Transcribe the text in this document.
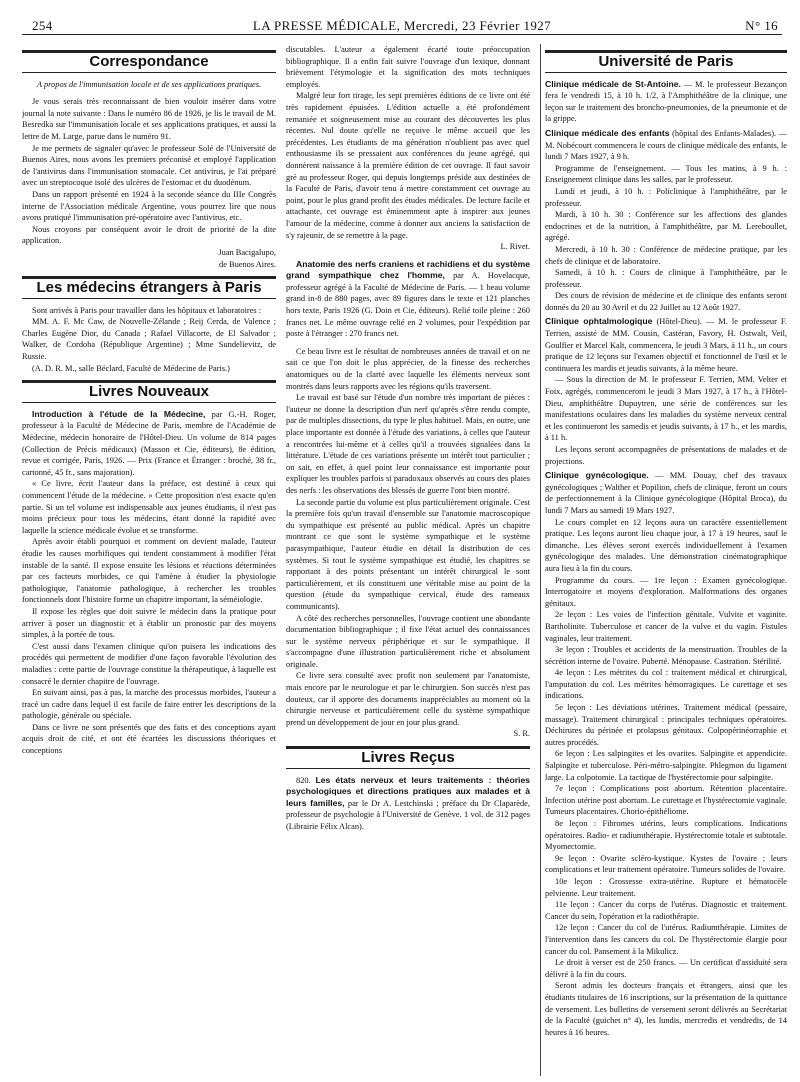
254	LA PRESSE MÉDICALE, Mercredi, 23 Février 1927	N° 16
Correspondance

A propos de l'immunisation locale et de ses applications pratiques.

Je vous serais très reconnaissant de bien vouloir insérer dans votre journal la note suivante : Dans le numéro 86 de 1926, je lis le travail de M. Besredka sur l'immunisation locale et ses applications pratiques, et aussi la lettre de M. Large, parue dans le numéro 91.

Je me permets de signaler qu'avec le professeur Solé de l'Université de Buenos Aires, nous avons les premiers préconisé et employé l'application de l'antivirus dans l'immunisation stomacale. Cet antivirus, je l'ai préparé avec un streptocoque isolé des ulcères de l'estomac et du duodénum.

Dans un rapport présenté en 1924 à la seconde séance du IIIe Congrès interne de l'Association médicale Argentine, vous pourrez lire que nous avons pratiqué l'immunisation pré-opératoire avec l'antivirus, etc.

Nous croyons par conséquent avoir le droit de priorité de la dite application.

Juan Bacigalupo,

de Buenos Aires.

Les médecins étrangers à Paris

Sont arrivés à Paris pour travailler dans les hôpitaux et laboratoires :

MM. A. F. Mc Caw, de Nouvelle-Zélande ; Reij Cerda, de Valence ; Charles Eugène Dior, du Canada ; Rafael Villacorte, de El Salvador ; Walker, de Cordoba (République Argentine) ; Mme Sundelievitz, de Russie.

(A. D. R. M., salle Béclard, Faculté de Médecine de Paris.)

Livres Nouveaux

Introduction à l'étude de la Médecine, par G.-H. Roger, professeur à la Faculté de Médecine de Paris, membre de l'Académie de Médecine, médecin honoraire de l'Hôtel-Dieu. Un volume de 814 pages (Collection de Précis médicaux) (Masson et Cie, éditeurs), 8e édition, revue et corrigée, Paris, 1926. — Prix (France et Étranger : broché, 38 fr., cartonné, 45 fr., sans majoration).

« Ce livre, écrit l'auteur dans la préface, est destiné à ceux qui commencent l'étude de la médecine. » Cette proposition n'est exacte qu'en partie. Si un tel volume est indispensable aux jeunes étudiants, il n'est pas moins précieux pour tous les médecins, étant donné la rapidité avec laquelle la science médicale évolue et se transforme.

Après avoir établi pourquoi et comment on devient malade, l'auteur étudie les causes morbifiques qui tendent constamment à modifier l'état instable de la santé. Il expose ensuite les lésions et réactions déterminées par ces facteurs morbides, ce qui l'amène à étudier la physiologie pathologique, l'anatomie pathologique, à rechercher les troubles fonctionnels dont l'histoire forme un chapitre important, la séméiologie.

Il expose les règles que doit suivre le médecin dans la pratique pour arriver à poser un diagnostic et à établir un pronostic par des moyens simples, à la portée de tous.

C'est aussi dans l'examen clinique qu'on puisera les indications des procédés qui permettent de modifier d'une façon favorable l'évolution des maladies : cette partie de l'ouvrage constitue la thérapeutique, à laquelle est consacré le dernier chapitre de l'ouvrage.

En suivant ainsi, pas à pas, la marche des processus morbides, l'auteur a tracé un cadre dans lequel il est facile de faire entrer les descriptions de la pathologie, générale ou spéciale.

Dans ce livre ne sont présentés que des faits et des conceptions ayant acquis droit de cité, et ont été écartées les discussions théoriques et conceptions

discutables. L'auteur a également écarté toute préoccupation bibliographique. Il a enfin fait suivre l'ouvrage d'un lexique, donnant brièvement l'étymologie et la signification des mots techniques employés.

Malgré leur fort tirage, les sept premières éditions de ce livre ont été très rapidement épuisées. L'édition actuelle a été profondément remaniée et soigneusement mise au courant des découvertes les plus récentes. Nul doute qu'elle ne reçoive le même accueil que les précédentes. Les étudiants de ma génération n'oublient pas avec quel enthousiasme ils se pressaient aux conférences du jeune agrégé, qui donnèrent naissance à la première édition de cet ouvrage. Il faut savoir gré au professeur Roger, qui depuis longtemps préside aux destinées de la Faculté de Paris, d'avoir tenu à mettre constamment cet ouvrage au point, pour le plus grand profit des études médicales. De lecture facile et attachante, cet ouvrage est éminemment apte à inspirer aux jeunes l'amour de la médecine, comme à donner aux anciens la satisfaction de s'y rajeunir, de se remettre à la page.

L. Rivet.

Anatomie des nerfs craniens et rachidiens et du système grand sympathique chez l'homme, par A. Hovelacque, professeur agrégé à la Faculté de Médecine de Paris. — 1 beau volume grand in-8 de 880 pages, avec 89 figures dans le texte et 121 planches hors texte, Paris 1926 (G. Doin et Cie, éditeurs). Relié toile pleine : 260 francs net. Le même ouvrage relié en 2 volumes, pour l'expédition par poste à l'étranger : 270 francs net.

Ce beau livre est le résultat de nombreuses années de travail et on ne sait ce que l'on doit le plus apprécier, de la finesse des recherches anatomiques ou de la clarté avec laquelle les éléments nerveux sont montrés dans leurs rapports avec les régions qu'ils traversent.

Le travail est basé sur l'étude d'un nombre très important de pièces : l'auteur ne donne la description d'un nerf qu'après s'être rendu compte, par de multiples dissections, du type le plus habituel. Mais, en outre, une place importante est donnée à l'étude des variations, à celles que l'auteur a rencontrées lui-même et à celles qu'il a trouvées signalées dans la littérature. L'étude de ces variations présente un intérêt tout particulier ; on sait, en effet, à quel point leur connaissance est importante pour expliquer les troubles parfois si paradoxaux observés au cours des plaies des nerfs : les observations des blessés de guerre l'ont bien montré.

La seconde partie du volume est plus particulièrement originale. C'est la première fois qu'un travail d'ensemble sur l'anatomie macroscopique du sympathique est présenté au public médical. Après un chapitre montrant ce que sont le système sympathique et le système parasympathique, l'auteur étudie en détail la distribution de ces systèmes. Si tout le système sympathique est étudié, les chapitres se rapportant à des points présentant un intérêt chirurgical le sont particulièrement, et ils constituent une véritable mise au point de la question (étude du sympathique cervical, étude des rameaux communicants).

A côté des recherches personnelles, l'ouvrage contient une abondante documentation bibliographique ; il fixe l'état actuel des connaissances sur le système nerveux périphérique et sur le sympathique. Il s'accompagne d'une illustration particulièrement riche et absolument originale.

Ce livre sera consulté avec profit non seulement par l'anatomiste, mais encore par le neurologue et par le chirurgien. Son succès n'est pas douteux, car il apporte des documents inappréciables au moment où la chirurgie nerveuse et particulièrement celle du système sympathique prend un développement de jour en jour plus grand.

S. R.

Livres Reçus

820. Les états nerveux et leurs traitements : théories psychologiques et directions pratiques aux malades et à leurs familles, par le Dr A. Lestchinski ; préface du Dr Claparède, professeur de psychologie à l'Université de Genève. 1 vol. de 312 pages (Librairie Félix Alcan).

Université de Paris

Clinique médicale de St-Antoine. — M. le professeur Bezançon fera le vendredi 15, à 10 h. 1/2, à l'Amphithéâtre de la clinique, une leçon sur le traitement des broncho-pneumonies, de la pneumonie et de la grippe.

Clinique médicale des enfants (hôpital des Enfants-Malades). — M. Nobécourt commencera le cours de clinique médicale des enfants, le lundi 7 Mars 1927, à 9 h.

Programme de l'enseignement. — Tous les matins, à 9 h. : Enseignement clinique dans les salles, par le professeur.

Lundi et jeudi, à 10 h. : Policlinique à l'amphithéâtre, par le professeur.

Mardi, à 10 h. 30 : Conférence sur les affections des glandes endocrines et de la nutrition, à l'amphithéâtre, par M. Lereboullet, agrégé.

Mercredi, à 10 h. 30 : Conférence de médecine pratique, par les chefs de clinique et de laboratoire.

Samedi, à 10 h. : Cours de clinique à l'amphithéâtre, par le professeur.

Des cours de révision de médecine et de clinique des enfants seront donnés du 20 au 30 Avril et du 22 Juillet au 12 Août 1927.

Clinique ophtalmologique (Hôtel-Dieu). — M. le professeur F. Terrien, assisté de MM. Cousin, Castéran, Favory, H. Ostwalt, Veil, Goulfier et Marcel Kalt, commencera, le jeudi 3 Mars, à 11 h., un cours pratique de 12 leçons sur l'examen objectif et fonctionnel de l'œil et le continuera les mardis et jeudis suivants, à la même heure.

— Sous la direction de M. le professeur F. Terrien, MM. Velter et Foix, agrégés, commenceront le jeudi 3 Mars 1927, à 17 h., à l'Hôtel-Dieu, amphithéâtre Dupuytren, une série de conférences sur les manifestations oculaires dans les maladies du système nerveux central et les continueront les samedis et jeudis suivants, à 17 h., et les mardis, à 11 h.

Les leçons seront accompagnées de présentations de malades et de projections.

Clinique gynécologique. — MM. Douay, chef des travaux gynécologiques ; Walther et Popilion, chefs de clinique, feront un cours de perfectionnement à la Clinique gynécologique (Hôpital Broca), du lundi 7 Mars au samedi 19 Mars 1927.

Le cours complet en 12 leçons aura un caractère essentiellement pratique. Les leçons auront lieu chaque jour, à 17 à 19 heures, sauf le dimanche. Les élèves seront exercés individuellement à l'examen gynécologique des malades. Une démonstration cinématographique aura lieu à la fin du cours.

Programme du cours. — 1re leçon : Examen gynécologique. Interrogatoire et moyens d'exploration. Malformations des organes génitaux.

2e leçon : Les voies de l'infection génitale. Vulvite et vaginite. Bartholinite. Tuberculose et cancer de la vulve et du vagin. Fistules vaginales, leur traitement.

3e leçon : Troubles et accidents de la menstruation. Troubles de la sécrétion interne de l'ovaire. Puberté. Ménopause. Castration. Stérilité.

4e leçon : Les métrites du col : traitement médical et chirurgical, l'amputation du col. Les métrites hémorragiques. Le curettage et ses indications.

5e leçon : Les déviations utérines. Traitement médical (pessaire, massage). Traitement chirurgical : principales techniques opératoires. Déchirures du périnée et prolapsus génitaux. Colpopérinéorraphie et autres procédés.

6e leçon : Les salpingites et les ovarites. Salpingite et appendicite. Salpingite et tuberculose. Péri-métro-salpingite. Phlegmon du ligament large. La colpotomie. La tactique de l'hystérectomie pour salpingite.

7e leçon : Complications post abortum. Rétention placentaire. Infection utérine post abortum. Le curettage et l'hystérectomie vaginale. Tumeurs placentaires. Chorio-épithéliome.

8e leçon : Fibromes utérins, leurs complications. Indications opératoires. Radio- et radiumthérapie. Hystérectomie totale et subtotale. Myomectomie.

9e leçon : Ovarite scléro-kystique. Kystes de l'ovaire ; leurs complications et leur traitement opératoire. Tumeurs solides de l'ovaire.

10e leçon : Grossesse extra-utérine. Rupture et hématocèle pelvienne. Leur traitement.

11e leçon : Cancer du corps de l'utérus. Diagnostic et traitement. Cancer du sein, l'opération et la radiothérapie.

12e leçon : Cancer du col de l'utérus. Radiumthérapie. Limites de l'intervention dans les cancers du col. De l'hystérectomie élargie pour cancer du col. Pansement à la Mikulicz.

Le droit à verser est de 250 francs. — Un certificat d'assiduité sera délivré à la fin du cours.

Seront admis les docteurs français et étrangers, ainsi que les étudiants titulaires de 16 inscriptions, sur la présentation de la quittance de versement. Les bulletins de versement seront délivrés au Secrétariat de la Faculté (guichet n° 4), les lundis, mercredis et vendredis, de 14 heures à 16 heures.
